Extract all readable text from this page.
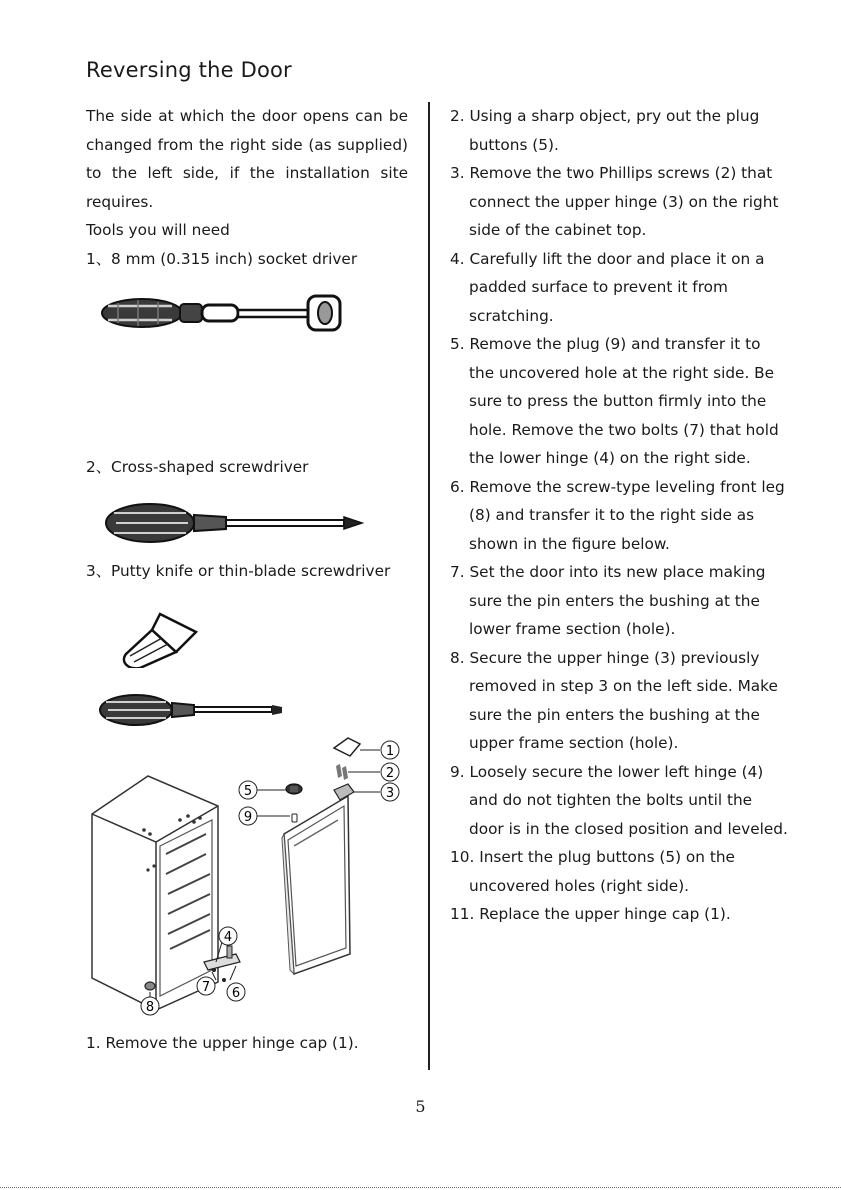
Reversing the Door

The side at which the door opens can be changed from the right side (as supplied) to the left side, if the installation site requires.

Tools you will need

1、8 mm (0.315 inch) socket driver

2、Cross-shaped screwdriver

3、Putty knife or thin-blade screwdriver

1
2
3
4
5
6
7
8
9

1. Remove the upper hinge cap (1).

2. Using a sharp object, pry out the plug buttons (5).

3. Remove the two Phillips screws (2) that connect the upper hinge (3) on the right side of the cabinet top.

4. Carefully lift the door and place it on a padded surface to prevent it from scratching.

5. Remove the plug (9) and transfer it to the uncovered hole at the right side. Be sure to press the button firmly into the hole. Remove the two bolts (7) that hold the lower hinge (4) on the right side.

6. Remove the screw-type leveling front leg (8) and transfer it to the right side as shown in the figure below.

7. Set the door into its new place making sure the pin enters the bushing at the lower frame section (hole).

8. Secure the upper hinge (3) previously removed in step 3 on the left side. Make sure the pin enters the bushing at the upper frame section (hole).

9. Loosely secure the lower left hinge (4) and do not tighten the bolts until the door is in the closed position and leveled.

10. Insert the plug buttons (5) on the uncovered holes (right side).

11. Replace the upper hinge cap (1).

5
